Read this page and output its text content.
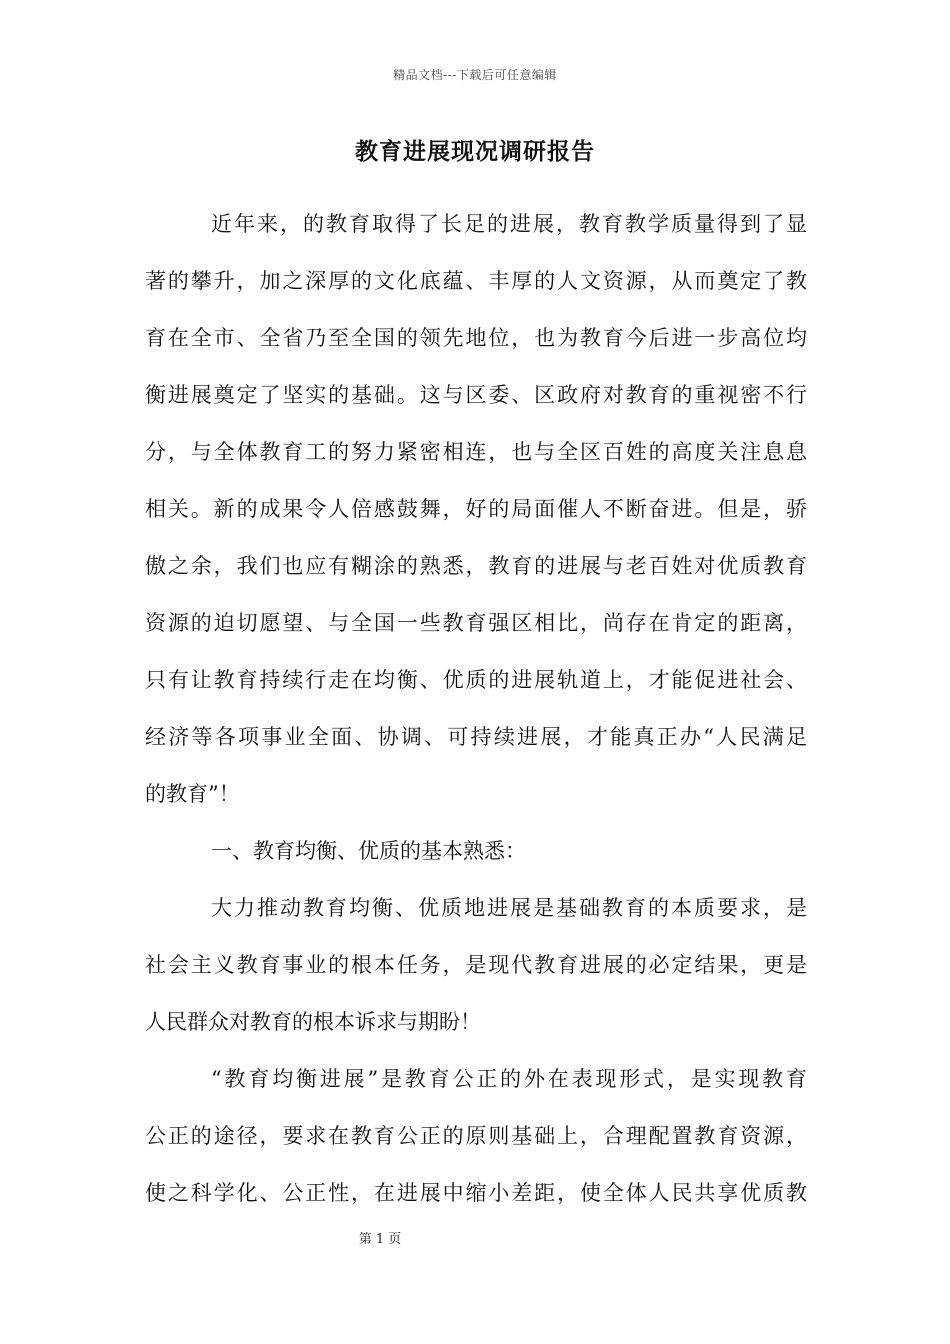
精品文档---下载后可任意编辑
教育进展现况调研报告

近年来，的教育取得了长足的进展，教育教学质量得到了显
著的攀升，加之深厚的文化底蕴、丰厚的人文资源，从而奠定了教
育在全市、全省乃至全国的领先地位，也为教育今后进一步高位均
衡进展奠定了坚实的基础。这与区委、区政府对教育的重视密不行
分，与全体教育工的努力紧密相连，也与全区百姓的高度关注息息
相关。新的成果令人倍感鼓舞，好的局面催人不断奋进。但是，骄
傲之余，我们也应有糊涂的熟悉，教育的进展与老百姓对优质教育
资源的迫切愿望、与全国一些教育强区相比，尚存在肯定的距离，
只有让教育持续行走在均衡、优质的进展轨道上，才能促进社会、
经济等各项事业全面、协调、可持续进展，才能真正办“人民满足
的教育”！

一、教育均衡、优质的基本熟悉：

大力推动教育均衡、优质地进展是基础教育的本质要求，是
社会主义教育事业的根本任务，是现代教育进展的必定结果，更是
人民群众对教育的根本诉求与期盼！

“教育均衡进展”是教育公正的外在表现形式，是实现教育
公正的途径，要求在教育公正的原则基础上，合理配置教育资源，
使之科学化、公正性，在进展中缩小差距，使全体人民共享优质教

第 1 页
